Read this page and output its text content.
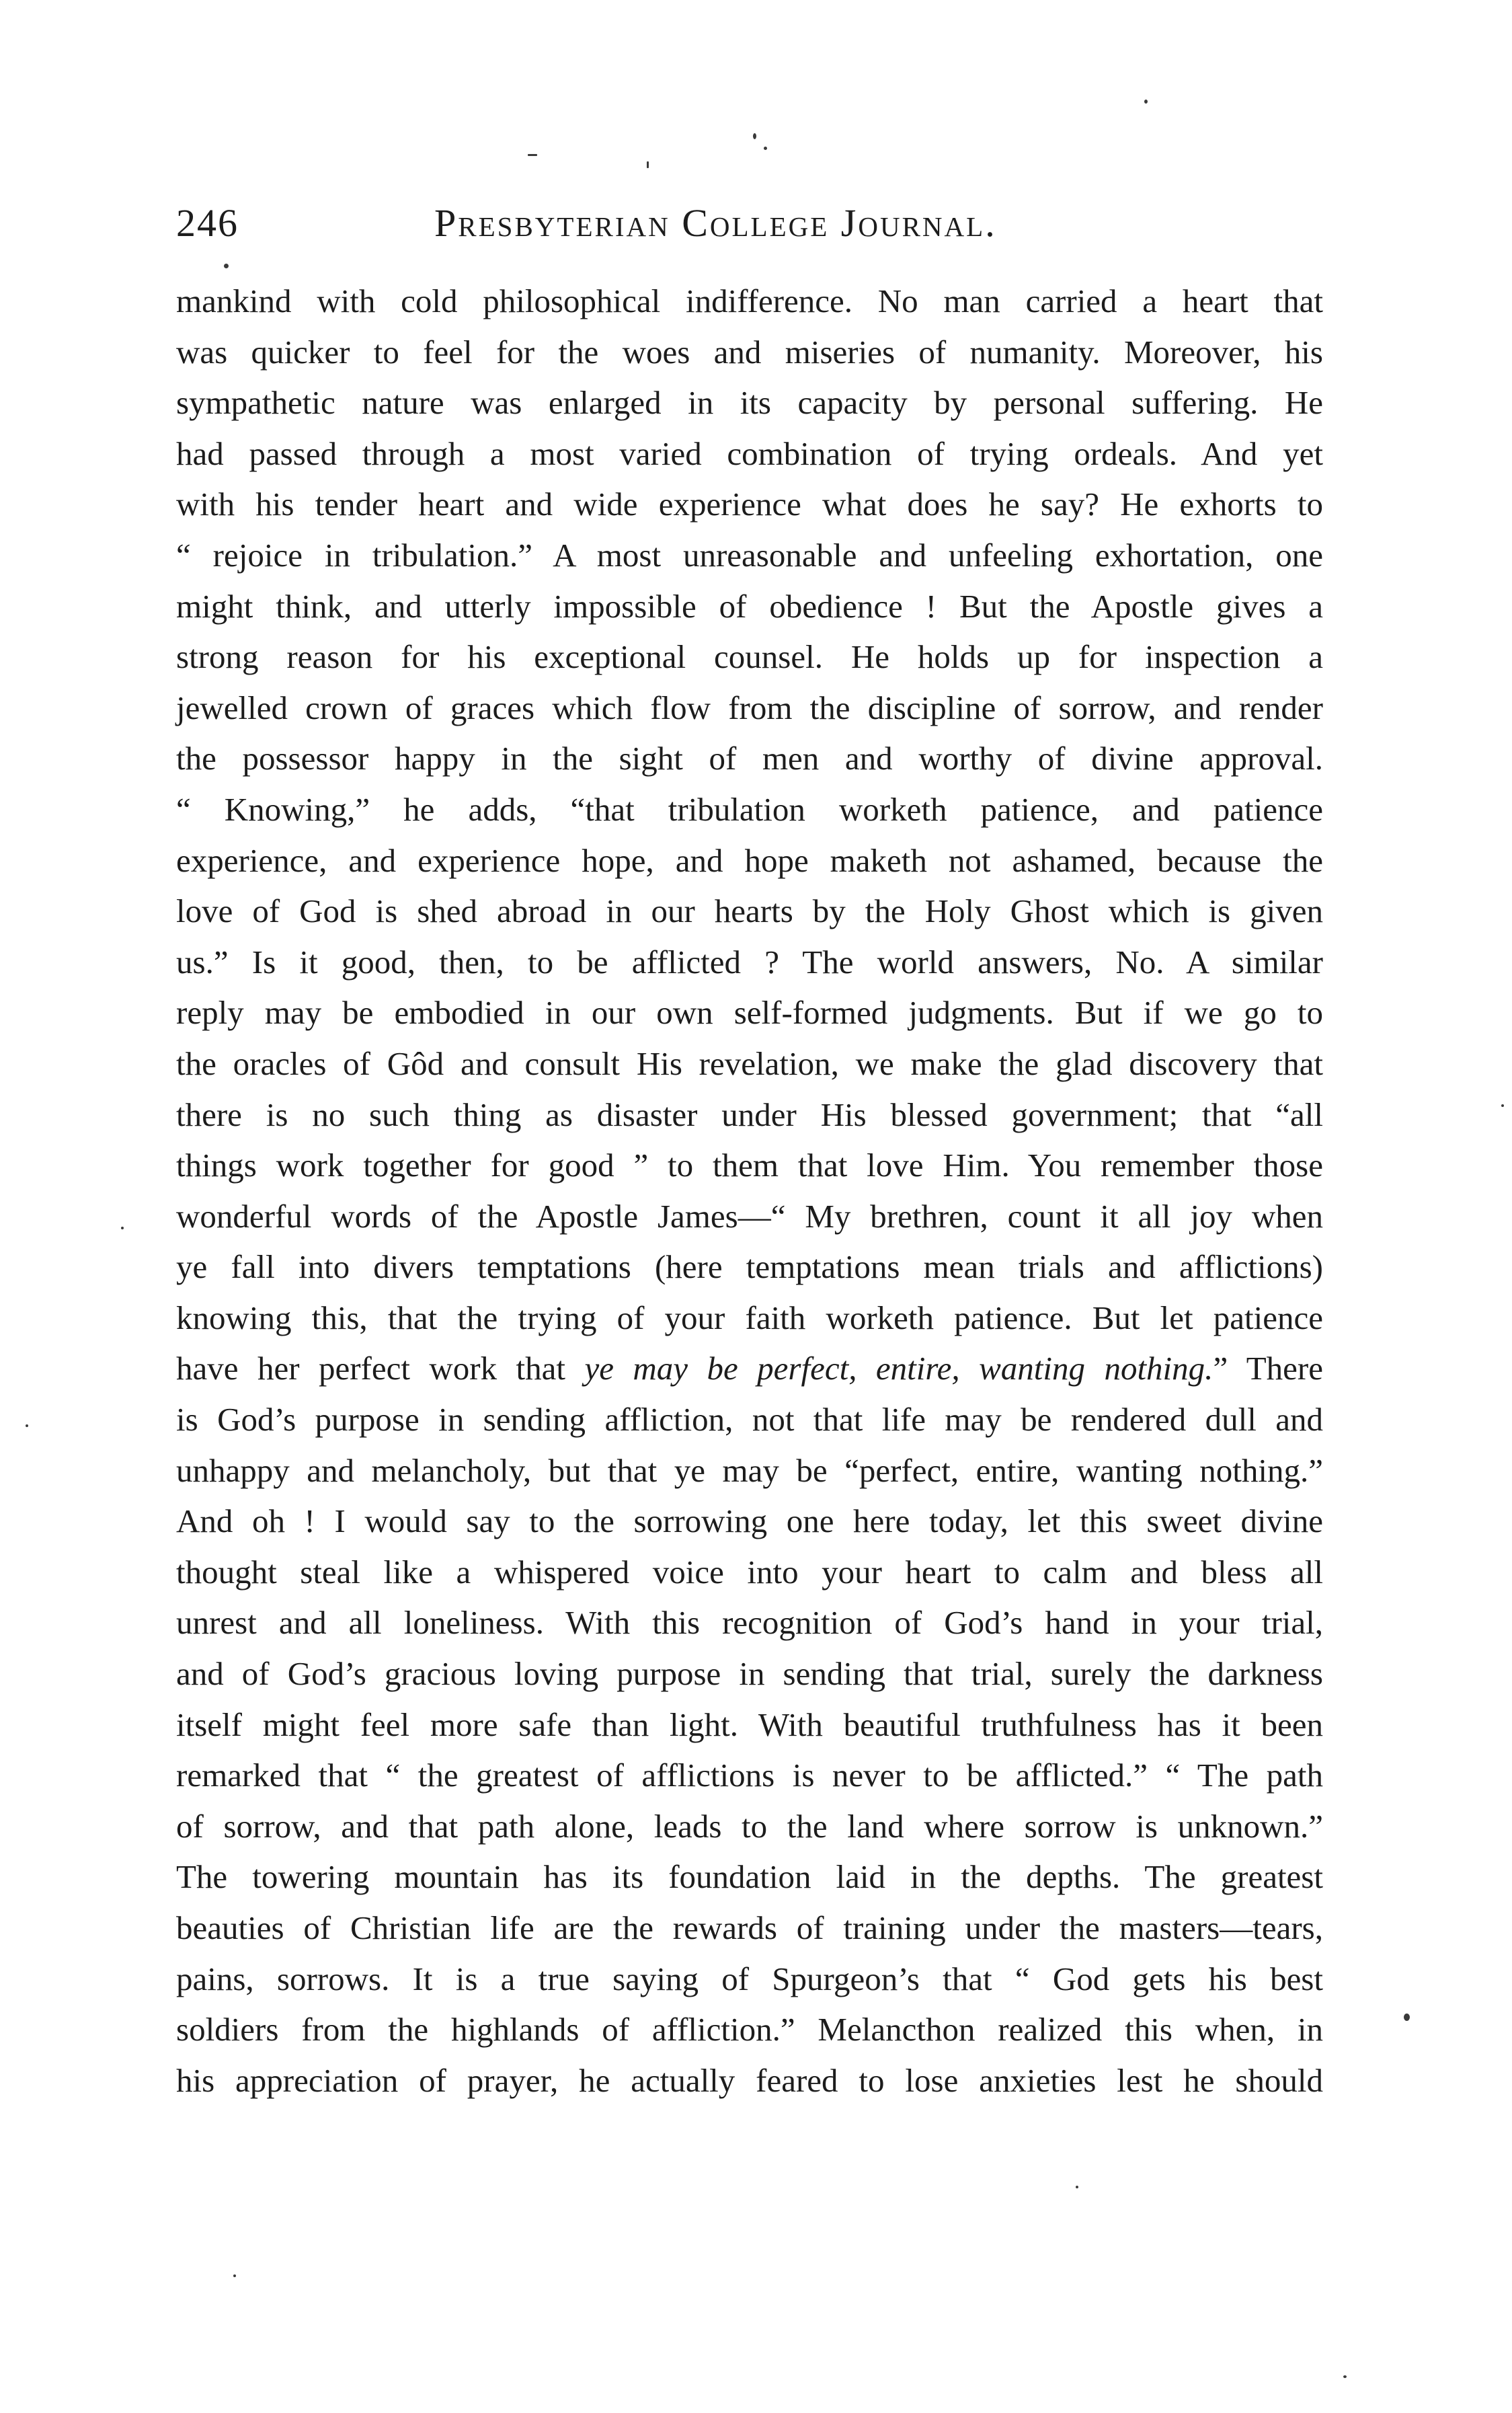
246	Presbyterian College Journal.
mankind with cold philosophical indifference. No man carried a heart that
was quicker to feel for the woes and miseries of numanity. Moreover, his
sympathetic nature was enlarged in its capacity by personal suffering. He
had passed through a most varied combination of trying ordeals. And yet
with his tender heart and wide experience what does he say? He exhorts to
“ rejoice in tribulation.” A most unreasonable and unfeeling exhortation, one
might think, and utterly impossible of obedience ! But the Apostle gives a
strong reason for his exceptional counsel. He holds up for inspection a
jewelled crown of graces which flow from the discipline of sorrow, and render
the possessor happy in the sight of men and worthy of divine approval.
“ Knowing,” he adds, “that tribulation worketh patience, and patience
experience, and experience hope, and hope maketh not ashamed, because the
love of God is shed abroad in our hearts by the Holy Ghost which is given
us.” Is it good, then, to be afflicted ? The world answers, No. A similar
reply may be embodied in our own self-formed judgments. But if we go to
the oracles of Gôd and consult His revelation, we make the glad discovery that
there is no such thing as disaster under His blessed government; that “all
things work together for good ” to them that love Him. You remember those
wonderful words of the Apostle James—“ My brethren, count it all joy when
ye fall into divers temptations (here temptations mean trials and afflictions)
knowing this, that the trying of your faith worketh patience. But let patience
have her perfect work that ye may be perfect, entire, wanting nothing.” There
is God’s purpose in sending affliction, not that life may be rendered dull and
unhappy and melancholy, but that ye may be “perfect, entire, wanting nothing.”
And oh ! I would say to the sorrowing one here today, let this sweet divine
thought steal like a whispered voice into your heart to calm and bless all
unrest and all loneliness. With this recognition of God’s hand in your trial,
and of God’s gracious loving purpose in sending that trial, surely the darkness
itself might feel more safe than light. With beautiful truthfulness has it been
remarked that “ the greatest of afflictions is never to be afflicted.” “ The path
of sorrow, and that path alone, leads to the land where sorrow is unknown.”
The towering mountain has its foundation laid in the depths. The greatest
beauties of Christian life are the rewards of training under the masters—tears,
pains, sorrows. It is a true saying of Spurgeon’s that “ God gets his best
soldiers from the highlands of affliction.” Melancthon realized this when, in
his appreciation of prayer, he actually feared to lose anxieties lest he should
